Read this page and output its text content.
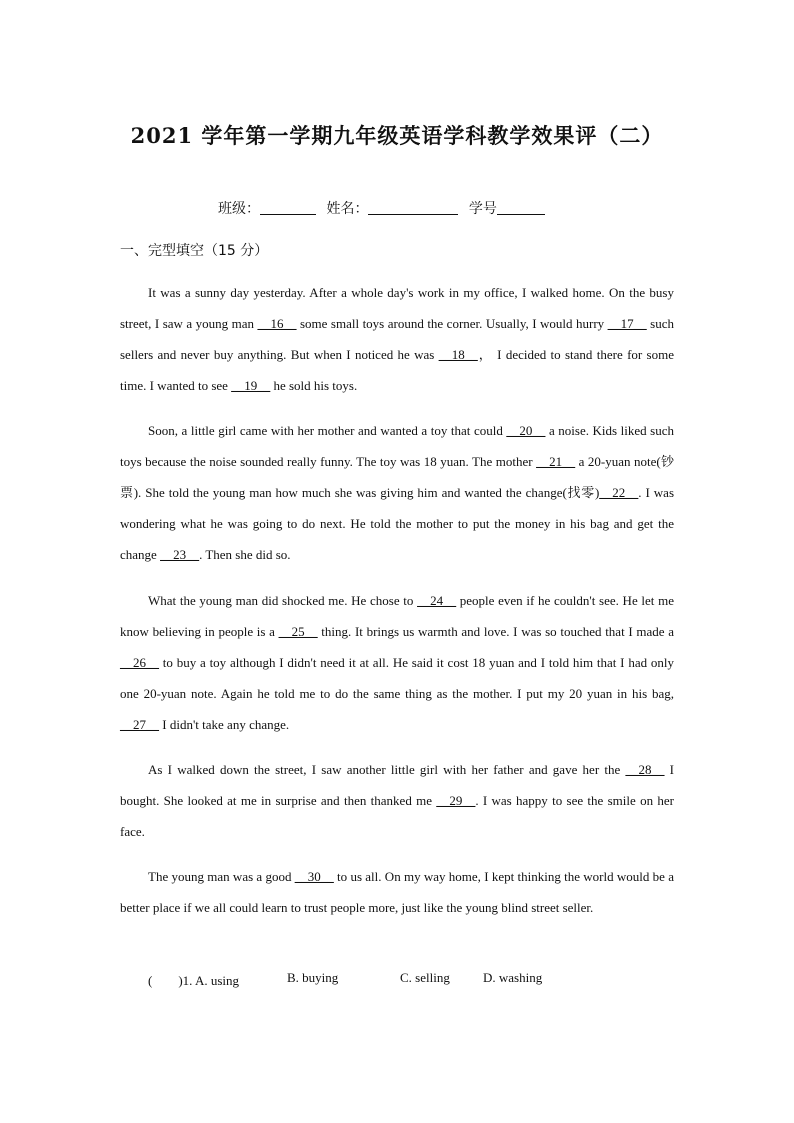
2021 学年第一学期九年级英语学科教学效果评（二）
班级：	姓名：	学号
一、完型填空（15 分）

It was a sunny day yesterday. After a whole day's work in my office, I walked home. On the busy street, I saw a young man __16__ some small toys around the corner. Usually, I would hurry __17__ such sellers and never buy anything. But when I noticed he was __18__， I decided to stand there for some time. I wanted to see __19__ he sold his toys.

Soon, a little girl came with her mother and wanted a toy that could __20__ a noise. Kids liked such toys because the noise sounded really funny. The toy was 18 yuan. The mother __21__ a 20-yuan note(钞票). She told the young man how much she was giving him and wanted the change(找零)__22__. I was wondering what he was going to do next. He told the mother to put the money in his bag and get the change __23__. Then she did so.

What the young man did shocked me. He chose to __24__ people even if he couldn't see. He let me know believing in people is a __25__ thing. It brings us warmth and love. I was so touched that I made a __26__ to buy a toy although I didn't need it at all. He said it cost 18 yuan and I told him that I had only one 20-yuan note. Again he told me to do the same thing as the mother. I put my 20 yuan in his bag, __27__ I didn't take any change.

As I walked down the street, I saw another little girl with her father and gave her the __28__ I bought. She looked at me in surprise and then thanked me __29__. I was happy to see the smile on her face.

The young man was a good __30__ to us all. On my way home, I kept thinking the world would be a better place if we all could learn to trust people more, just like the young blind street seller.

(　　)1. A. using	B. buying	C. selling	D. washing
